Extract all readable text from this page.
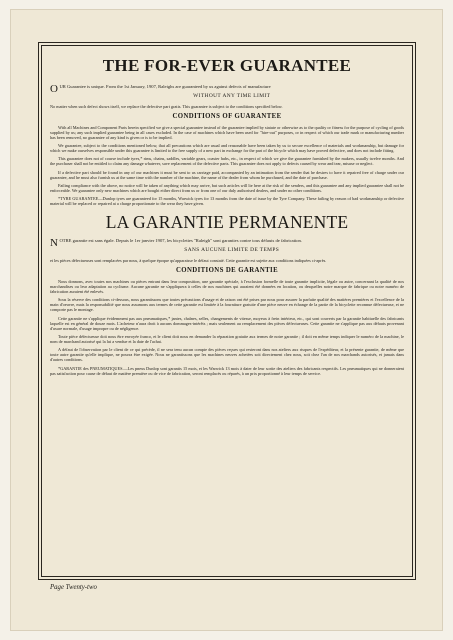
THE FOR-EVER GUARANTEE

OUR Guarantee is unique. From the 1st January, 1907, Raleighs are guaranteed by us against defects of manufacture

WITHOUT ANY TIME LIMIT

No matter when such defect shows itself, we replace the defective part gratis. This guarantee is subject to the conditions specified below.

CONDITIONS OF GUARANTEE

With all Machines and Component Parts herein specified we give a special guarantee instead of the guarantee implied by statute or otherwise as to the quality or fitness for the purpose of cycling of goods supplied by us; any such implied guarantee being in all cases excluded. In the case of machines which have been used for "hire-out" purposes, or in respect of which our trade mark or manufacturing number has been removed, no guarantee of any kind is given or is to be implied.

We guarantee, subject to the conditions mentioned below, that all precautions which are usual and reasonable have been taken by us to secure excellence of materials and workmanship, but damage for which we make ourselves responsible under this guarantee is limited to the free supply of a new part in exchange for the part of the bicycle which may have proved defective, and does not include fitting.

This guarantee does not of course include tyres,* rims, chains, saddles, variable gears, coaster hubs, etc., in respect of which we give the guarantee furnished by the makers, usually twelve months. And the purchaser shall not be entitled to claim any damage whatever, save replacement of the defective parts. This guarantee does not apply to defects caused by wear and tear, misuse or neglect.

If a defective part should be found in any of our machines it must be sent to us carriage paid, accompanied by an intimation from the sender that he desires to have it repaired free of charge under our guarantee, and he must also furnish us at the same time with the number of the machine, the name of the dealer from whom he purchased, and the date of purchase.

Failing compliance with the above, no notice will be taken of anything which may arrive, but such articles will lie here at the risk of the senders, and this guarantee and any implied guarantee shall not be enforceable. We guarantee only new machines which are bought either direct from us or from one of our duly authorised dealers, and under no other conditions.

*TYRE GUARANTEE—Dunlop tyres are guaranteed for 15 months, Warwick tyres for 13 months from the date of issue by the Tyre Company. These failing by reason of bad workmanship or defective material will be replaced or repaired at a charge proportionate to the wear they have given.

LA GARANTIE PERMANENTE

NOTRE garantie est sans égale. Depuis le 1er janvier 1907, les bicyclettes "Raleigh" sont garanties contre tous défauts de fabrication.

SANS AUCUNE LIMITE DE TEMPS

et les pièces défectueuses sont remplacées par nous, à quelque époque qu'apparaisse le défaut constaté. Cette garantie est sujette aux conditions indiquées ci-après.

CONDITIONS DE GARANTIE

Nous donnons, avec toutes nos machines ou pièces entrant dans leur composition, une garantie spéciale, à l'exclusion formelle de toute garantie implicite, légale ou autre, concernant la qualité de nos marchandises ou leur adaptation au cyclisme. Aucune garantie ne s'appliquera à celles de nos machines qui auraient été données en location, ou desquelles notre marque de fabrique ou notre numéro de fabrication auraient été enlevés.

Sous la réserve des conditions ci-dessous, nous garantissons que toutes précautions d'usage et de raison ont été prises par nous pour assurer la parfaite qualité des matières premières et l'excellence de la main d'oeuvre, mais la responsabilité que nous assumons aux termes de cette garantie est limitée à la fourniture gratuite d'une pièce neuve en échange de la partie de la bicyclette reconnue défectueuse, et ne comporte pas le montage.

Cette garantie ne s'applique évidemment pas aux pneumatiques,* jantes, chaînes, selles, changements de vitesse, moyeux à frein intérieur, etc., qui sont couverts par la garantie habituelle des fabricants laquelle est en général de douze mois. L'acheteur n'aura droit à aucuns dommages-intérêts ; mais seulement au remplacement des pièces défectueuses. Cette garantie ne s'applique pas aux défauts provenant d'usure normale, d'usage impropre ou de négligence.

Toute pièce défectueuse doit nous être envoyée franco, et le client doit nous en demander la réparation gratuite aux termes de notre garantie ; il doit en même temps indiquer le numéro de la machine, le nom de marchand autorisé qui la lui a vendue et la date de l'achat.

A défaut de l'observation par le client de ce qui précède, il ne sera tenu aucun compte des pièces reçues qui resteront dans nos ateliers aux risques de l'expéditeur, et la présente garantie, de même que toute autre garantie qu'elle implique, ne pourra être exigée. Nous ne garantissons que les machines neuves achetées soit directement chez nous, soit chez l'un de nos marchands autorisés, et jamais dans d'autres conditions.

*GARANTIE des PNEUMATIQUES.—Les pneus Dunlop sont garantis 15 mois, et les Warwick 13 mois à dater de leur sortie des ateliers des fabricants respectifs. Les pneumatiques qui ne donneraient pas satisfaction pour cause de défaut de matière première ou de vice de fabrication, seront remplacés ou réparés, à un prix proportionné à leur temps de service.

Page Twenty-two
